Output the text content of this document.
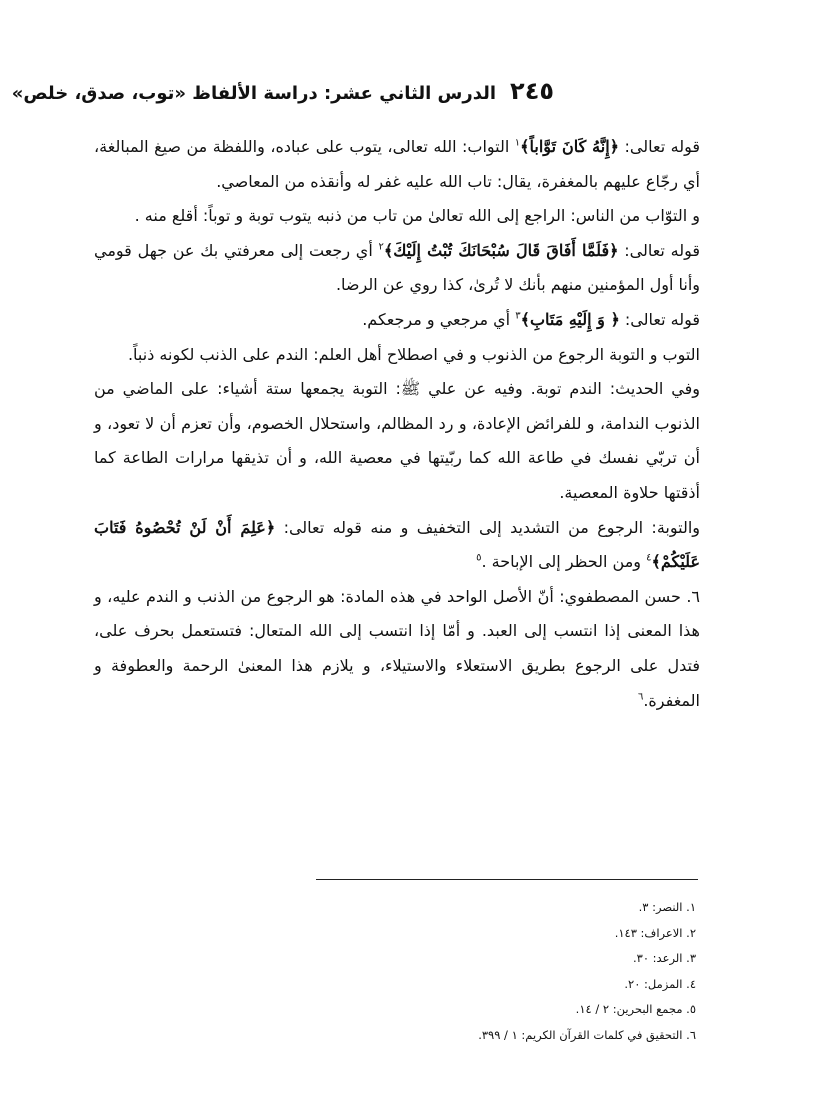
٢٤٥الدرس الثاني عشر: دراسة الألفاظ «توب، صدق، خلص»

قوله تعالى: ﴿إِنَّهُ كَانَ تَوَّاباً﴾$^١$ التواب: الله تعالى، يتوب على عباده، واللفظة من صيغ المبالغة، أي رجّاع عليهم بالمغفرة، يقال: تاب الله عليه غفر له وأنقذه من المعاصي.

و التوّاب من الناس: الراجع إلى الله تعالىٰ من تاب من ذنبه يتوب توبة و توباً: أقلع منه .

قوله تعالى: ﴿فَلَمَّا أَفَاقَ قَالَ سُبْحَانَكَ تُبْتُ إِلَيْكَ﴾$^٢$ أي رجعت إلى معرفتي بك عن جهل قومي وأنا أول المؤمنين منهم بأنك لا تُرىٰ، كذا روي عن الرضا.

قوله تعالى: ﴿ وَ إِلَيْهِ مَتَابِ﴾$^٣$ أي مرجعي و مرجعكم.

التوب و التوبة الرجوع من الذنوب و في اصطلاح أهل العلم: الندم على الذنب لكونه ذنباً.

وفي الحديث: الندم توبة. وفيه عن علي ﷺ: التوبة يجمعها ستة أشياء: على الماضي من الذنوب الندامة، و للفرائض الإعادة، و رد المظالم، واستحلال الخصوم، وأن تعزم أن لا تعود، و أن تربّي نفسك في طاعة الله كما ربّيتها في معصية الله، و أن تذيقها مرارات الطاعة كما أذقتها حلاوة المعصية.

والتوبة: الرجوع من التشديد إلى التخفيف و منه قوله تعالى: ﴿عَلِمَ أَنْ لَنْ تُحْصُوهُ فَتَابَ عَلَيْكُمْ﴾$^٤$ ومن الحظر إلى الإباحة .$^٥$

٦. حسن المصطفوي: أنّ الأصل الواحد في هذه المادة: هو الرجوع من الذنب و الندم عليه، و هذا المعنى إذا انتسب إلى العبد. و أمّا إذا انتسب إلى الله المتعال: فتستعمل بحرف على، فتدل على الرجوع بطريق الاستعلاء والاستيلاء، و يلازم هذا المعنىٰ الرحمة والعطوفة و المغفرة.$^٦$

١. النصر: ٣.
٢. الاعراف: ١٤٣.
٣. الرعد: ٣٠.
٤. المزمل: ٢٠.
٥. مجمع البحرين: ٢ / ١٤.
٦. التحقيق في كلمات القرآن الكريم: ١ / ٣٩٩.
